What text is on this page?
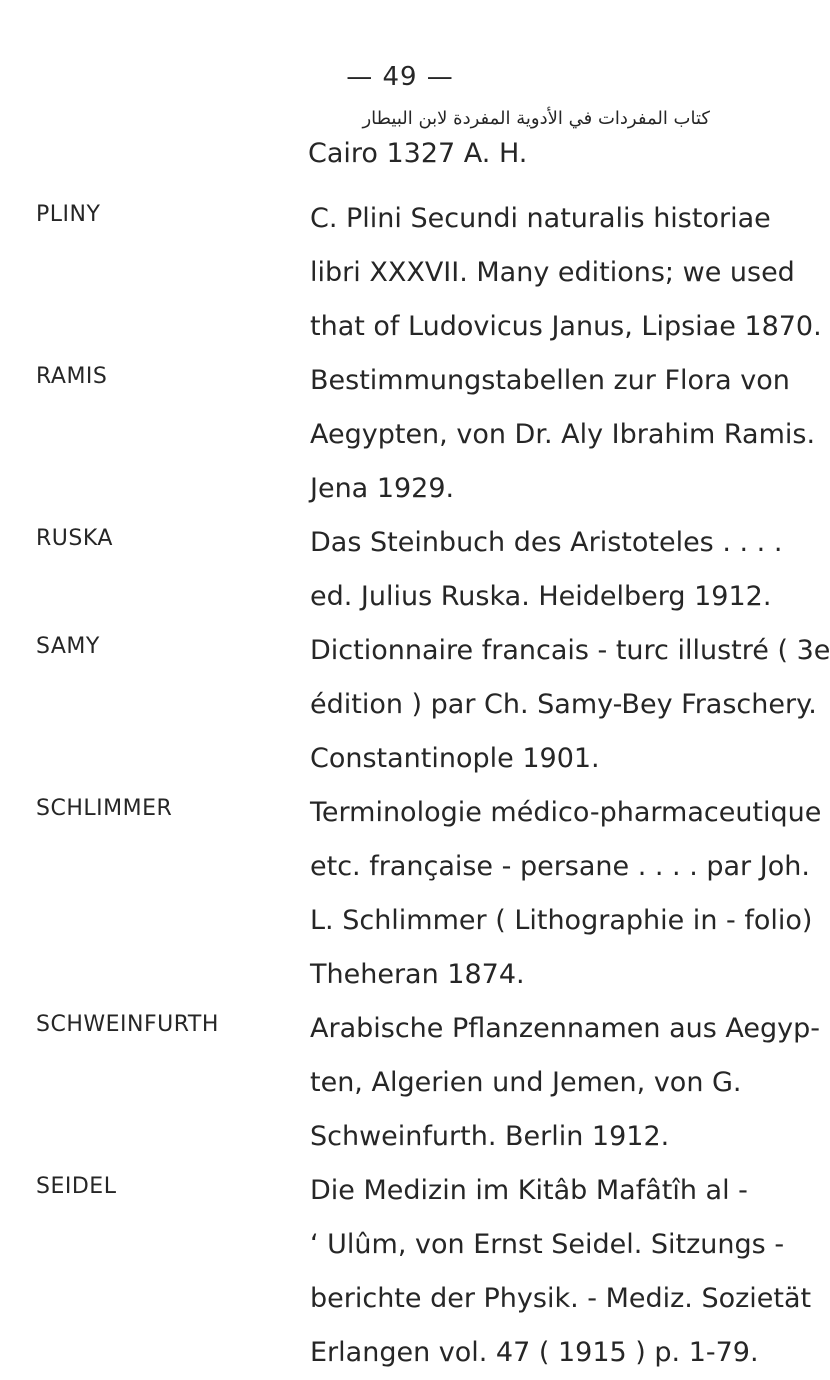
— 49 —
كتاب المفردات في الأدوية المفردة لابن البيطار
Cairo 1327 A. H.
PLINY	C. Plini Secundi naturalis historiae
libri XXXVII. Many editions; we used
that of Ludovicus Janus, Lipsiae 1870.
RAMIS	Bestimmungstabellen zur Flora von
Aegypten, von Dr. Aly Ibrahim Ramis.
Jena 1929.
RUSKA	Das Steinbuch des Aristoteles . . . .
ed. Julius Ruska. Heidelberg 1912.
SAMY	Dictionnaire francais - turc illustré ( 3e
édition ) par Ch. Samy-Bey Fraschery.
Constantinople 1901.
SCHLIMMER	Terminologie médico-pharmaceutique
etc. française - persane . . . . par Joh.
L. Schlimmer ( Lithographie in - folio)
Theheran 1874.
SCHWEINFURTH	Arabische Pflanzennamen aus Aegyp-
ten, Algerien und Jemen, von G.
Schweinfurth. Berlin 1912.
SEIDEL	Die Medizin im Kitâb Mafâtîh al -
‘ Ulûm, von Ernst Seidel. Sitzungs -
berichte der Physik. - Mediz. Sozietät
Erlangen vol. 47 ( 1915 ) p. 1-79.
